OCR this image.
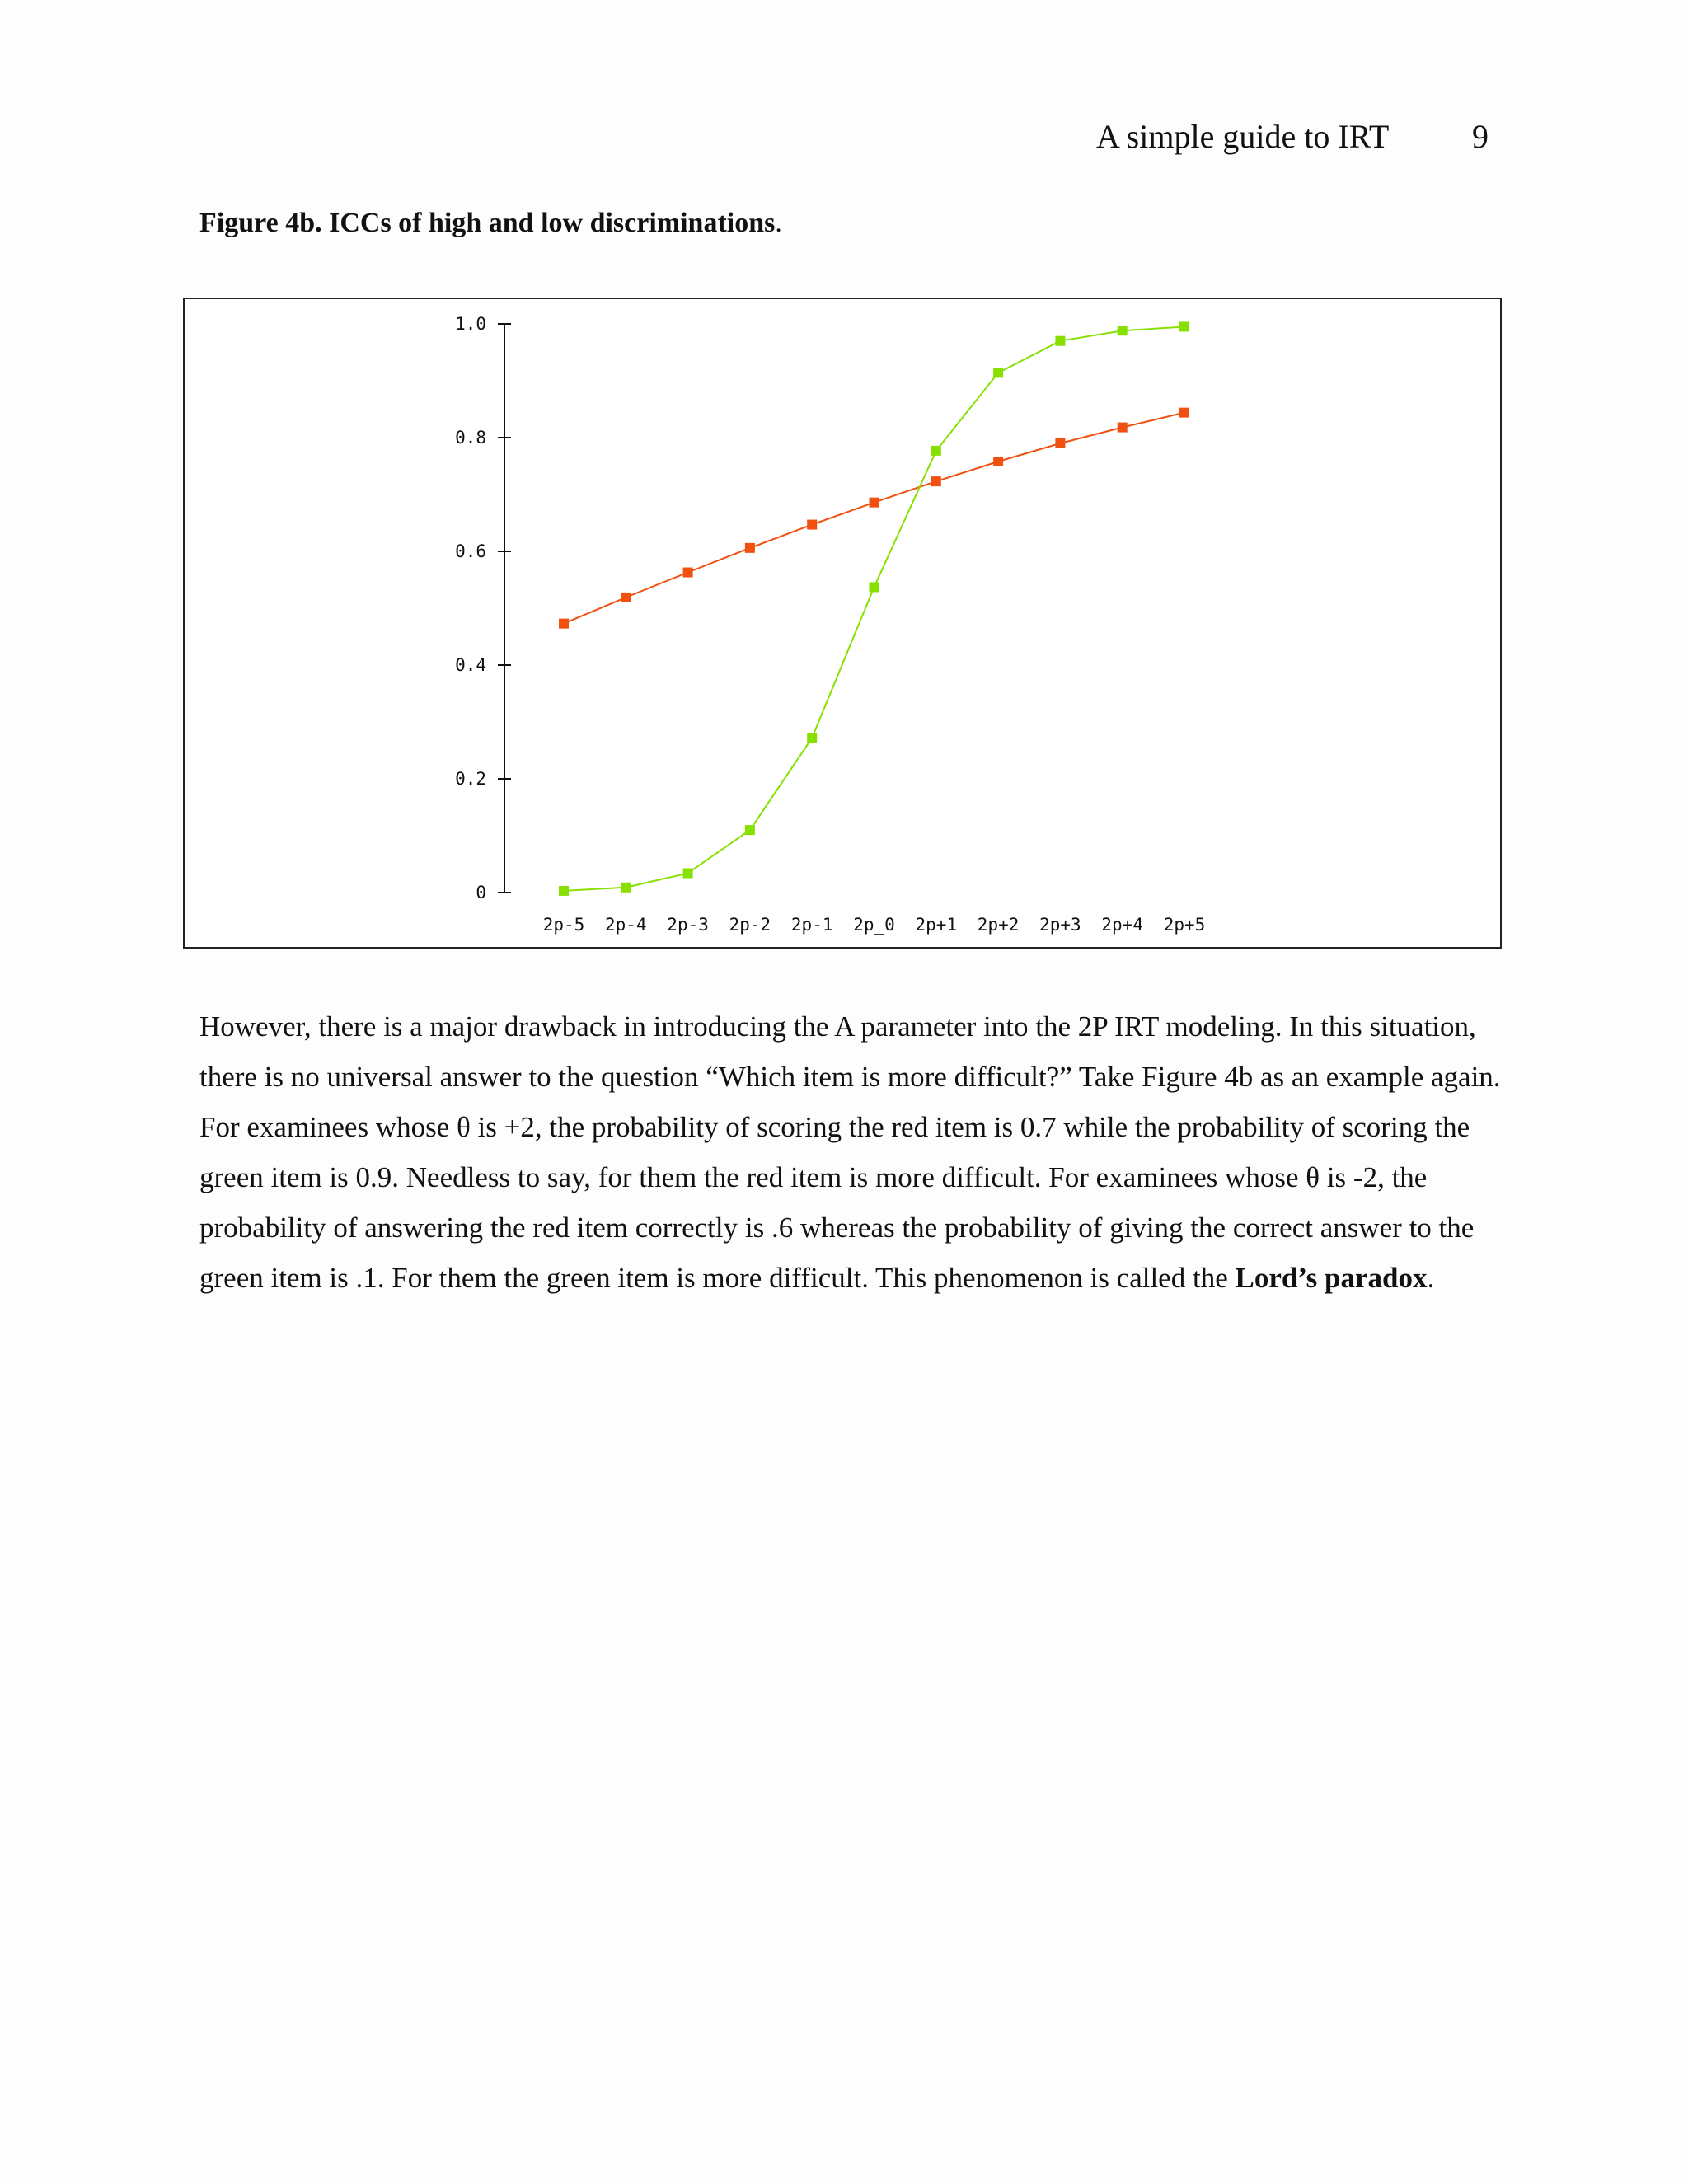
A simple guide to IRT	9
Figure 4b. ICCs of high and low discriminations.
0
0.2
0.4
0.6
0.8
1.0
2p-5 2p-4 2p-3 2p-2 2p-1 2p_0 2p+1 2p+2 2p+3 2p+4 2p+5

However, there is a major drawback in introducing the A parameter into the 2P IRT modeling. In this situation, there is no universal answer to the question “Which item is more difficult?” Take Figure 4b as an example again. For examinees whose θ is +2, the probability of scoring the red item is 0.7 while the probability of scoring the green item is 0.9. Needless to say, for them the red item is more difficult. For examinees whose θ is -2, the probability of answering the red item correctly is .6 whereas the probability of giving the correct answer to the green item is .1. For them the green item is more difficult. This phenomenon is called the Lord’s paradox.
